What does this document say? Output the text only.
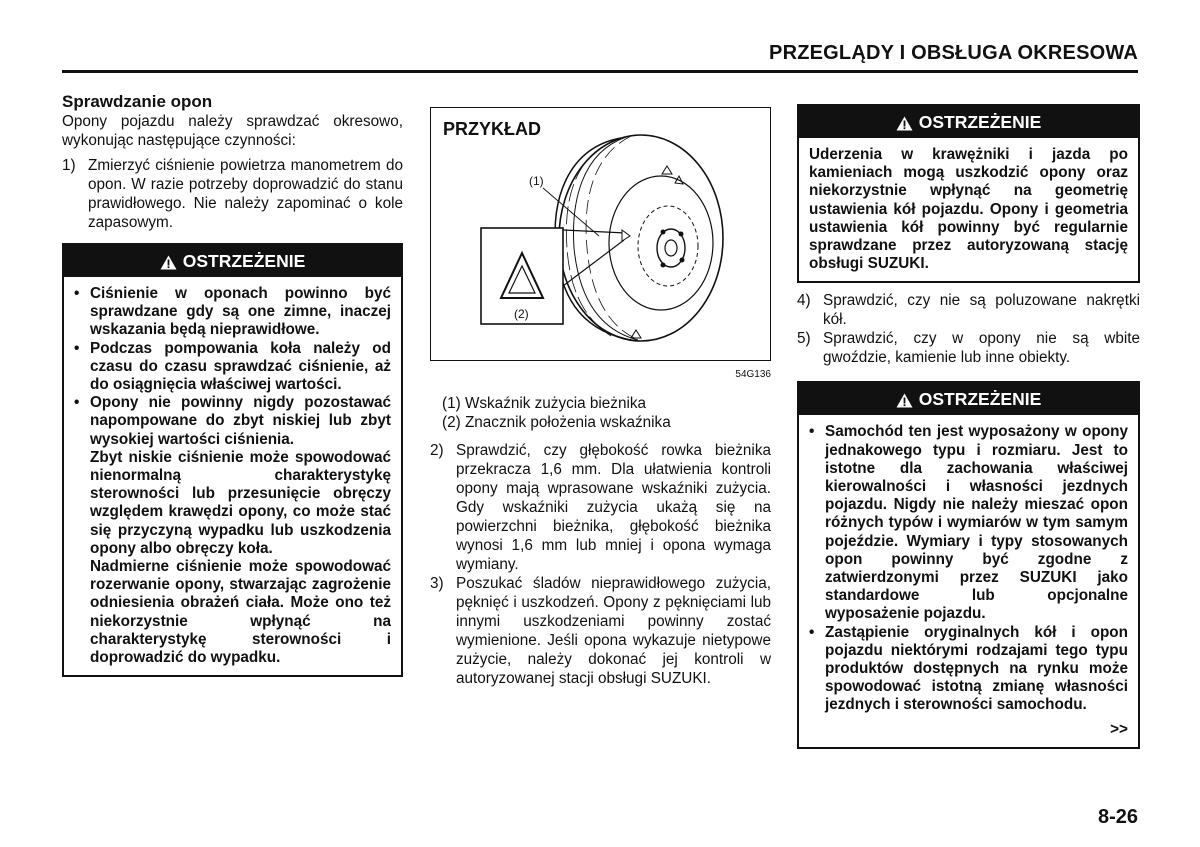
PRZEGLĄDY I OBSŁUGA OKRESOWA
Sprawdzanie opon
Opony pojazdu należy sprawdzać okresowo, wykonując następujące czynności:
1) Zmierzyć ciśnienie powietrza manometrem do opon. W razie potrzeby doprowadzić do stanu prawidłowego. Nie należy zapominać o kole zapasowym.
OSTRZEŻENIE
• Ciśnienie w oponach powinno być sprawdzane gdy są one zimne, inaczej wskazania będą nieprawidłowe.

• Podczas pompowania koła należy od czasu do czasu sprawdzać ciśnienie, aż do osiągnięcia właściwej wartości.

• Opony nie powinny nigdy pozostawać napompowane do zbyt niskiej lub zbyt wysokiej wartości ciśnienia.

Zbyt niskie ciśnienie może spowodować nienormalną charakterystykę sterowności lub przesunięcie obręczy względem krawędzi opony, co może stać się przyczyną wypadku lub uszkodzenia opony albo obręczy koła.

Nadmierne ciśnienie może spowodować rozerwanie opony, stwarzając zagrożenie odniesienia obrażeń ciała. Może ono też niekorzystnie wpłynąć na charakterystykę sterowności i doprowadzić do wypadku.

PRZYKŁAD
(1)
(2)
54G136
(1) Wskaźnik zużycia bieżnika
(2) Znacznik położenia wskaźnika
2) Sprawdzić, czy głębokość rowka bieżnika przekracza 1,6 mm. Dla ułatwienia kontroli opony mają wprasowane wskaźniki zużycia. Gdy wskaźniki zużycia ukażą się na powierzchni bieżnika, głębokość bieżnika wynosi 1,6 mm lub mniej i opona wymaga wymiany.
3) Poszukać śladów nieprawidłowego zużycia, pęknięć i uszkodzeń. Opony z pęknięciami lub innymi uszkodzeniami powinny zostać wymienione. Jeśli opona wykazuje nietypowe zużycie, należy dokonać jej kontroli w autoryzowanej stacji obsługi SUZUKI.
OSTRZEŻENIE
Uderzenia w krawężniki i jazda po kamieniach mogą uszkodzić opony oraz niekorzystnie wpłynąć na geometrię ustawienia kół pojazdu. Opony i geometria ustawienia kół powinny być regularnie sprawdzane przez autoryzowaną stację obsługi SUZUKI.
4) Sprawdzić, czy nie są poluzowane nakrętki kół.
5) Sprawdzić, czy w opony nie są wbite gwoździe, kamienie lub inne obiekty.
OSTRZEŻENIE
• Samochód ten jest wyposażony w opony jednakowego typu i rozmiaru. Jest to istotne dla zachowania właściwej kierowalności i własności jezdnych pojazdu. Nigdy nie należy mieszać opon różnych typów i wymiarów w tym samym pojeździe. Wymiary i typy stosowanych opon powinny być zgodne z zatwierdzonymi przez SUZUKI jako standardowe lub opcjonalne wyposażenie pojazdu.

• Zastąpienie oryginalnych kół i opon pojazdu niektórymi rodzajami tego typu produktów dostępnych na rynku może spowodować istotną zmianę własności jezdnych i sterowności samochodu.

>>
8-26
